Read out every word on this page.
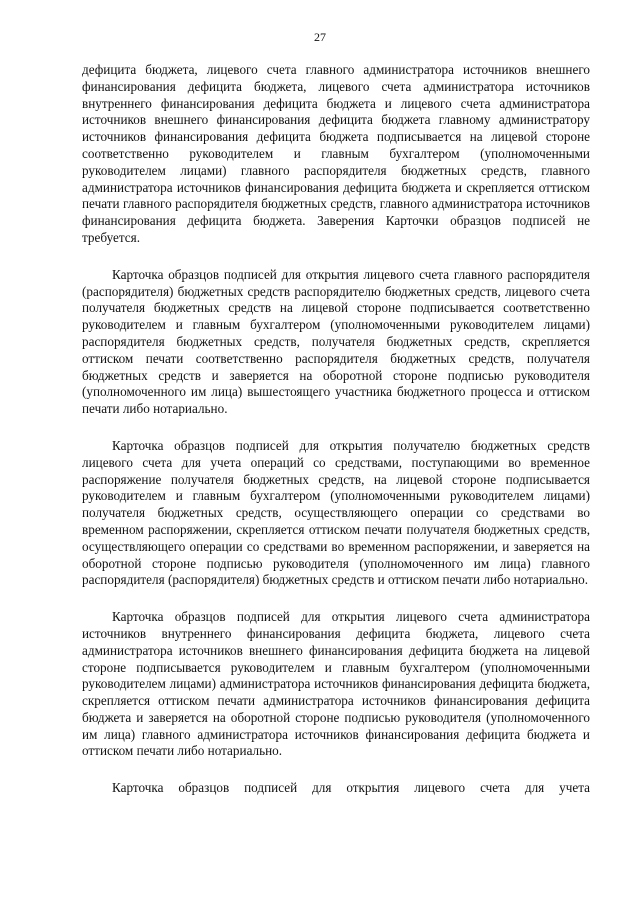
27

дефицита бюджета, лицевого счета главного администратора источников внешнего финансирования дефицита бюджета, лицевого счета администратора источников внутреннего финансирования дефицита бюджета и лицевого счета администратора источников внешнего финансирования дефицита бюджета главному администратору источников финансирования дефицита бюджета подписывается на лицевой стороне соответственно руководителем и главным бухгалтером (уполномоченными руководителем лицами) главного распорядителя бюджетных средств, главного администратора источников финансирования дефицита бюджета и скрепляется оттиском печати главного распорядителя бюджетных средств, главного администратора источников финансирования дефицита бюджета. Заверения Карточки образцов подписей не требуется.

Карточка образцов подписей для открытия лицевого счета главного распорядителя (распорядителя) бюджетных средств распорядителю бюджетных средств, лицевого счета получателя бюджетных средств на лицевой стороне подписывается соответственно руководителем и главным бухгалтером (уполномоченными руководителем лицами) распорядителя бюджетных средств, получателя бюджетных средств, скрепляется оттиском печати соответственно распорядителя бюджетных средств, получателя бюджетных средств и заверяется на оборотной стороне подписью руководителя (уполномоченного им лица) вышестоящего участника бюджетного процесса и оттиском печати либо нотариально.

Карточка образцов подписей для открытия получателю бюджетных средств лицевого счета для учета операций со средствами, поступающими во временное распоряжение получателя бюджетных средств, на лицевой стороне подписывается руководителем и главным бухгалтером (уполномоченными руководителем лицами) получателя бюджетных средств, осуществляющего операции со средствами во временном распоряжении, скрепляется оттиском печати получателя бюджетных средств, осуществляющего операции со средствами во временном распоряжении, и заверяется на оборотной стороне подписью руководителя (уполномоченного им лица) главного распорядителя (распорядителя) бюджетных средств и оттиском печати либо нотариально.

Карточка образцов подписей для открытия лицевого счета администратора источников внутреннего финансирования дефицита бюджета, лицевого счета администратора источников внешнего финансирования дефицита бюджета на лицевой стороне подписывается руководителем и главным бухгалтером (уполномоченными руководителем лицами) администратора источников финансирования дефицита бюджета, скрепляется оттиском печати администратора источников финансирования дефицита бюджета и заверяется на оборотной стороне подписью руководителя (уполномоченного им лица) главного администратора источников финансирования дефицита бюджета и оттиском печати либо нотариально.

Карточка образцов подписей для открытия лицевого счета для учета
